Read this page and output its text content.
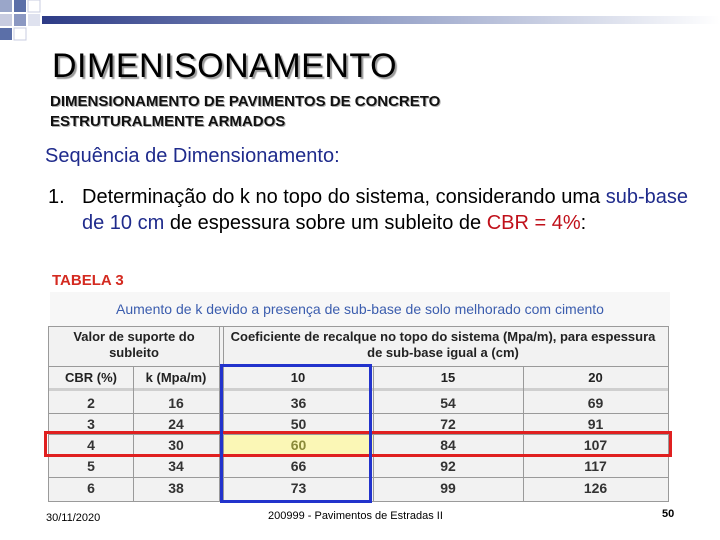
DIMENISONAMENTO
DIMENSIONAMENTO DE PAVIMENTOS DE CONCRETO ESTRUTURALMENTE ARMADOS
Sequência de Dimensionamento:
1. Determinação do k no topo do sistema, considerando uma sub-base de 10 cm de espessura sobre um subleito de CBR = 4%:
TABELA 3
Aumento de k devido a presença de sub-base de solo melhorado com cimento
Valor de suporte do subleito
Coeficiente de recalque no topo do sistema (Mpa/m), para espessura de sub-base igual a (cm)
CBR (%)	k (Mpa/m)	10	15	20
2	16	36	54	69
3	24	50	72	91
4	30	60	84	107
5	34	66	92	117
6	38	73	99	126
30/11/2020	200999 - Pavimentos de Estradas II	50
